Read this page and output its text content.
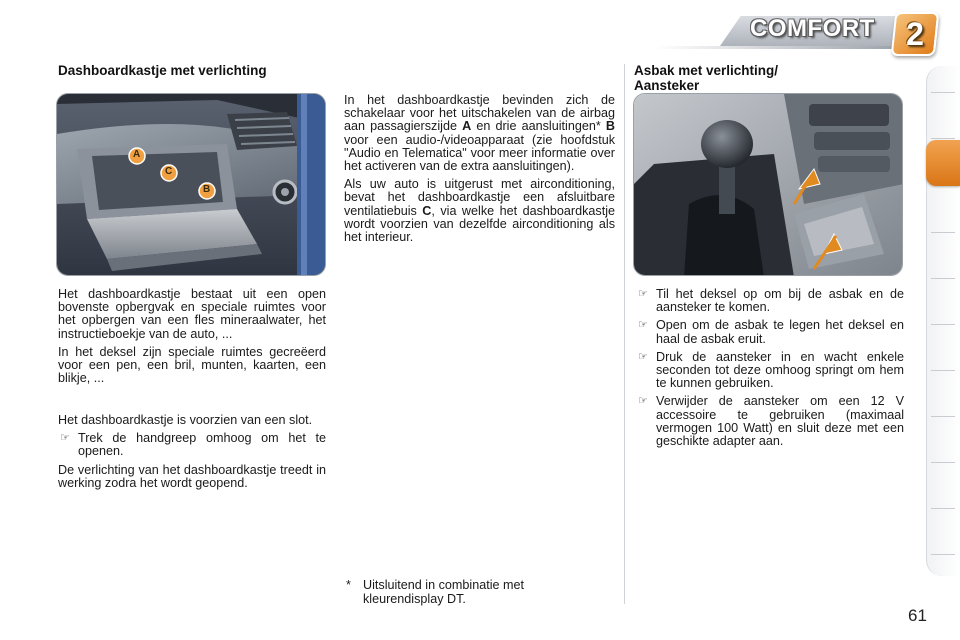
COMFORT 2
Dashboardkastje met verlichting
A
B
C

Het dashboardkastje bestaat uit een open bovenste opbergvak en speciale ruimtes voor het opbergen van een fles mineraalwater, het instructieboekje van de auto, ...

In het deksel zijn speciale ruimtes gecreëerd voor een pen, een bril, munten, kaarten, een blikje, ...

Het dashboardkastje is voorzien van een slot.

☞ Trek de handgreep omhoog om het te openen.

De verlichting van het dashboardkastje treedt in werking zodra het wordt geopend.

In het dashboardkastje bevinden zich de schakelaar voor het uitschakelen van de airbag aan passagierszijde A en drie aansluitingen* B voor een audio-/videoapparaat (zie hoofdstuk "Audio en Telematica" voor meer informatie over het activeren van de extra aansluitingen).

Als uw auto is uitgerust met airconditioning, bevat het dashboardkastje een afsluitbare ventilatiebuis C, via welke het dashboardkastje wordt voorzien van dezelfde airconditioning als het interieur.

* Uitsluitend in combinatie met kleurendisplay DT.
Asbak met verlichting/ Aansteker
☞ Til het deksel op om bij de asbak en de aansteker te komen.
☞ Open om de asbak te legen het deksel en haal de asbak eruit.
☞ Druk de aansteker in en wacht enkele seconden tot deze omhoog springt om hem te kunnen gebruiken.
☞ Verwijder de aansteker om een 12 V accessoire te gebruiken (maximaal vermogen 100 Watt) en sluit deze met een geschikte adapter aan.
61
